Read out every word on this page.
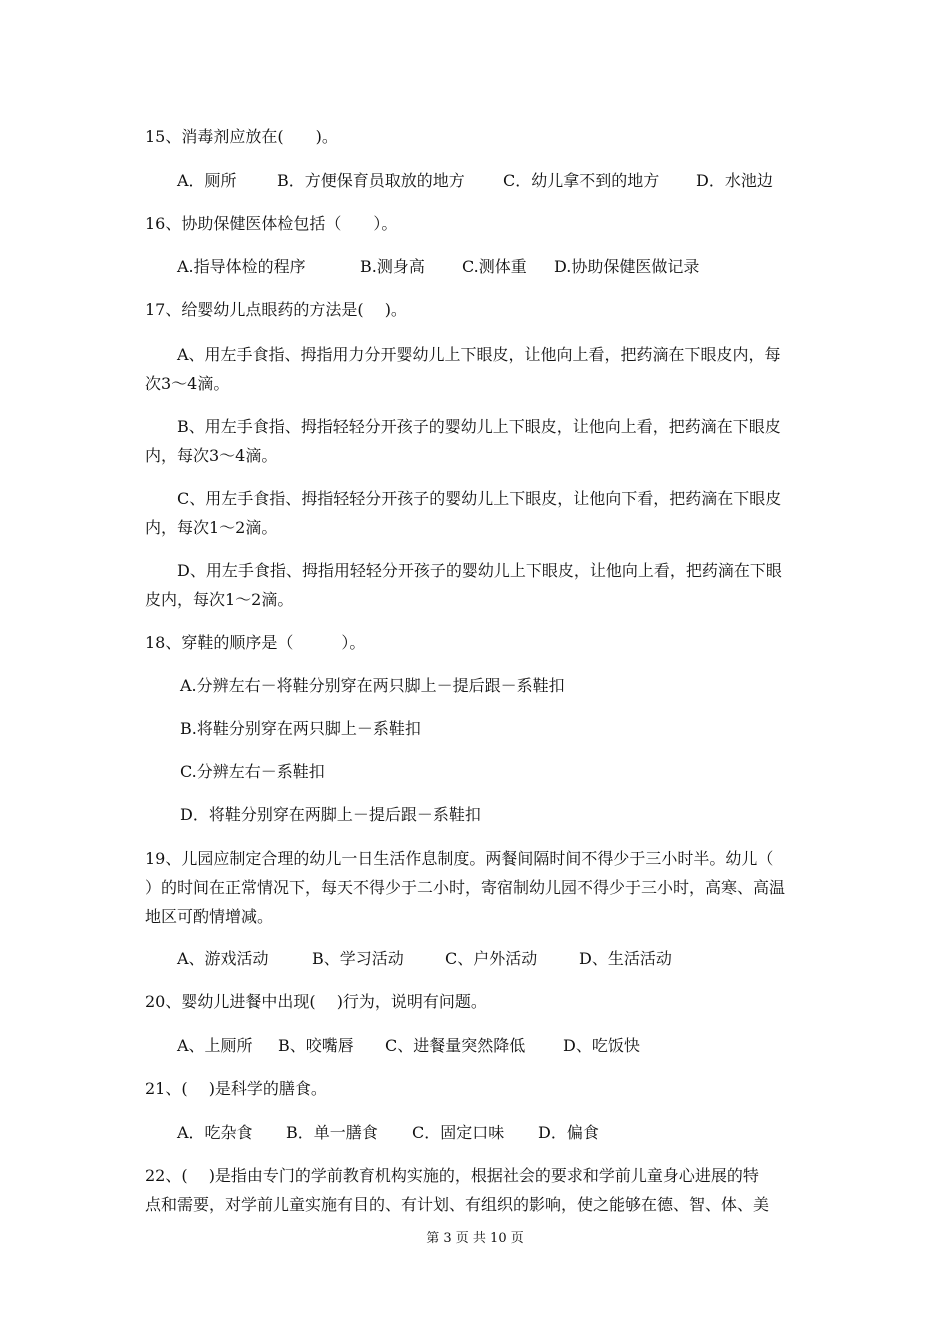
15、消毒剂应放在(　　)。
A．厕所	B．方便保育员取放的地方 C．幼儿拿不到的地方 D．水池边
16、协助保健医体检包括（　　）。
A.指导体检的程序	B.测身高 C.测体重 D.协助保健医做记录
17、给婴幼儿点眼药的方法是(　 )。
A、用左手食指、拇指用力分开婴幼儿上下眼皮，让他向上看，把药滴在下眼皮内，每
次3～4滴。
B、用左手食指、拇指轻轻分开孩子的婴幼儿上下眼皮，让他向上看，把药滴在下眼皮
内，每次3～4滴。
C、用左手食指、拇指轻轻分开孩子的婴幼儿上下眼皮，让他向下看，把药滴在下眼皮
内，每次1～2滴。
D、用左手食指、拇指用轻轻分开孩子的婴幼儿上下眼皮，让他向上看，把药滴在下眼
皮内，每次1～2滴。
18、穿鞋的顺序是（　　　）。
A.分辨左右－将鞋分别穿在两只脚上－提后跟－系鞋扣
B.将鞋分别穿在两只脚上－系鞋扣
C.分辨左右－系鞋扣
D．将鞋分别穿在两脚上－提后跟－系鞋扣
19、儿园应制定合理的幼儿一日生活作息制度。两餐间隔时间不得少于三小时半。幼儿（
）的时间在正常情况下，每天不得少于二小时，寄宿制幼儿园不得少于三小时，高寒、高温
地区可酌情增减。
A、游戏活动	B、学习活动	C、户外活动	D、生活活动
20、婴幼儿进餐中出现(　 )行为，说明有问题。
A、上厕所 B、咬嘴唇 C、进餐量突然降低 D、吃饭快
21、(　 )是科学的膳食。
A．吃杂食 B．单一膳食 C．固定口味 D．偏食
22、(　 )是指由专门的学前教育机构实施的，根据社会的要求和学前儿童身心进展的特
点和需要，对学前儿童实施有目的、有计划、有组织的影响，使之能够在德、智、体、美
第 3 页 共 10 页
